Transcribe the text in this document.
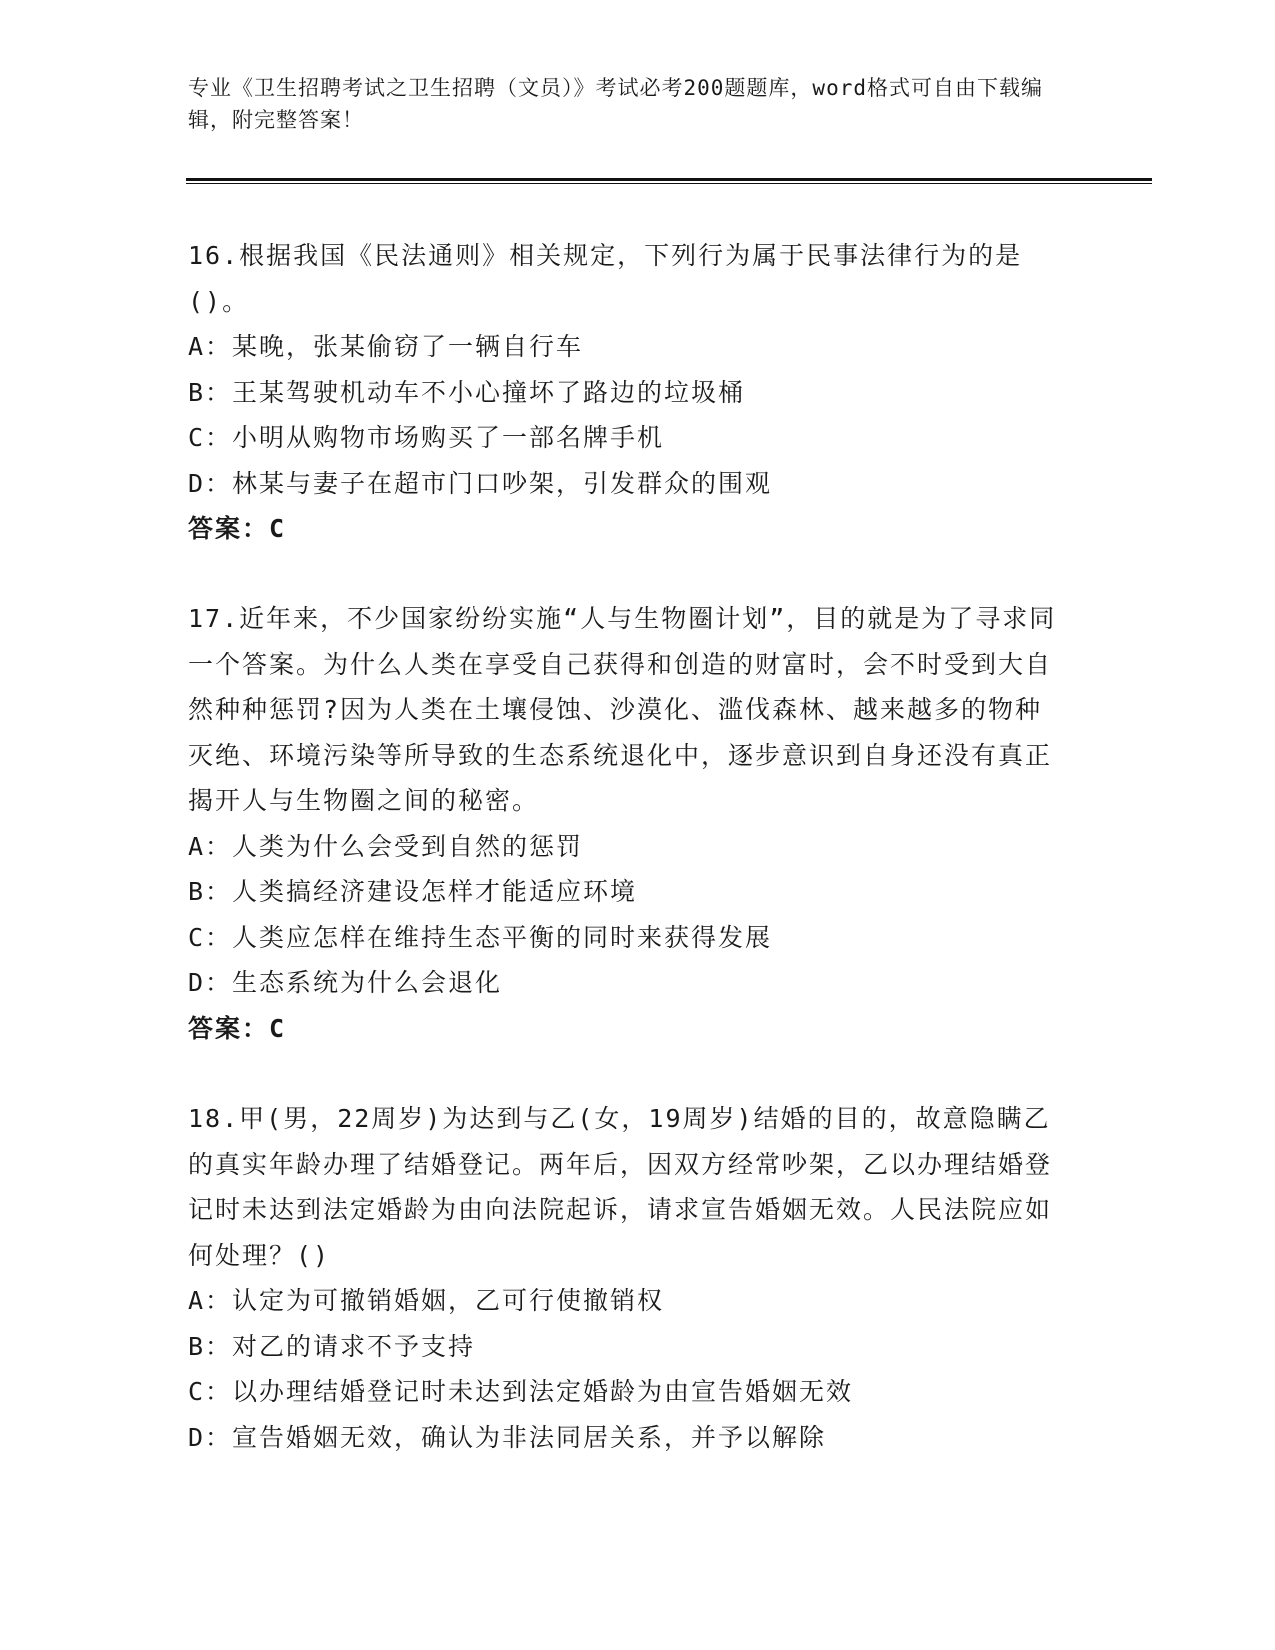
专业《卫生招聘考试之卫生招聘（文员）》考试必考200题题库，word格式可自由下载编辑，附完整答案！

16.根据我国《民法通则》相关规定，下列行为属于民事法律行为的是()。

A：某晚，张某偷窃了一辆自行车

B：王某驾驶机动车不小心撞坏了路边的垃圾桶

C：小明从购物市场购买了一部名牌手机

D：林某与妻子在超市门口吵架，引发群众的围观

答案：C

17.近年来，不少国家纷纷实施“人与生物圈计划”，目的就是为了寻求同一个答案。为什么人类在享受自己获得和创造的财富时，会不时受到大自然种种惩罚?因为人类在土壤侵蚀、沙漠化、滥伐森林、越来越多的物种灭绝、环境污染等所导致的生态系统退化中，逐步意识到自身还没有真正揭开人与生物圈之间的秘密。

A：人类为什么会受到自然的惩罚

B：人类搞经济建设怎样才能适应环境

C：人类应怎样在维持生态平衡的同时来获得发展

D：生态系统为什么会退化

答案：C

18.甲(男，22周岁)为达到与乙(女，19周岁)结婚的目的，故意隐瞒乙的真实年龄办理了结婚登记。两年后，因双方经常吵架，乙以办理结婚登记时未达到法定婚龄为由向法院起诉，请求宣告婚姻无效。人民法院应如何处理？()

A：认定为可撤销婚姻，乙可行使撤销权

B：对乙的请求不予支持

C：以办理结婚登记时未达到法定婚龄为由宣告婚姻无效

D：宣告婚姻无效，确认为非法同居关系，并予以解除
